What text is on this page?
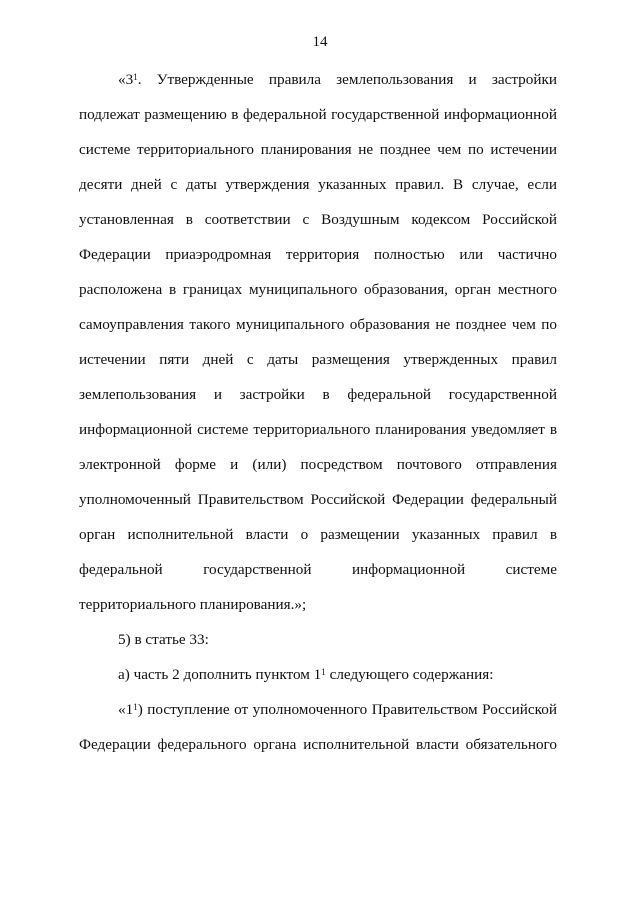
14
«$3^1$. Утвержденные правила землепользования и застройки
подлежат размещению в федеральной государственной информационной
системе территориального планирования не позднее чем по истечении
десяти дней с даты утверждения указанных правил. В случае, если
установленная в соответствии с Воздушным кодексом Российской
Федерации приаэродромная территория полностью или частично
расположена в границах муниципального образования, орган местного
самоуправления такого муниципального образования не позднее чем по
истечении пяти дней с даты размещения утвержденных правил
землепользования и застройки в федеральной государственной
информационной системе территориального планирования уведомляет в
электронной форме и (или) посредством почтового отправления
уполномоченный Правительством Российской Федерации федеральный
орган исполнительной власти о размещении указанных правил в
федеральной государственной информационной системе
территориального планирования.»;
5) в статье 33:
а) часть 2 дополнить пунктом $1^1$ следующего содержания:
«$1^1$) поступление от уполномоченного Правительством Российской
Федерации федерального органа исполнительной власти обязательного
